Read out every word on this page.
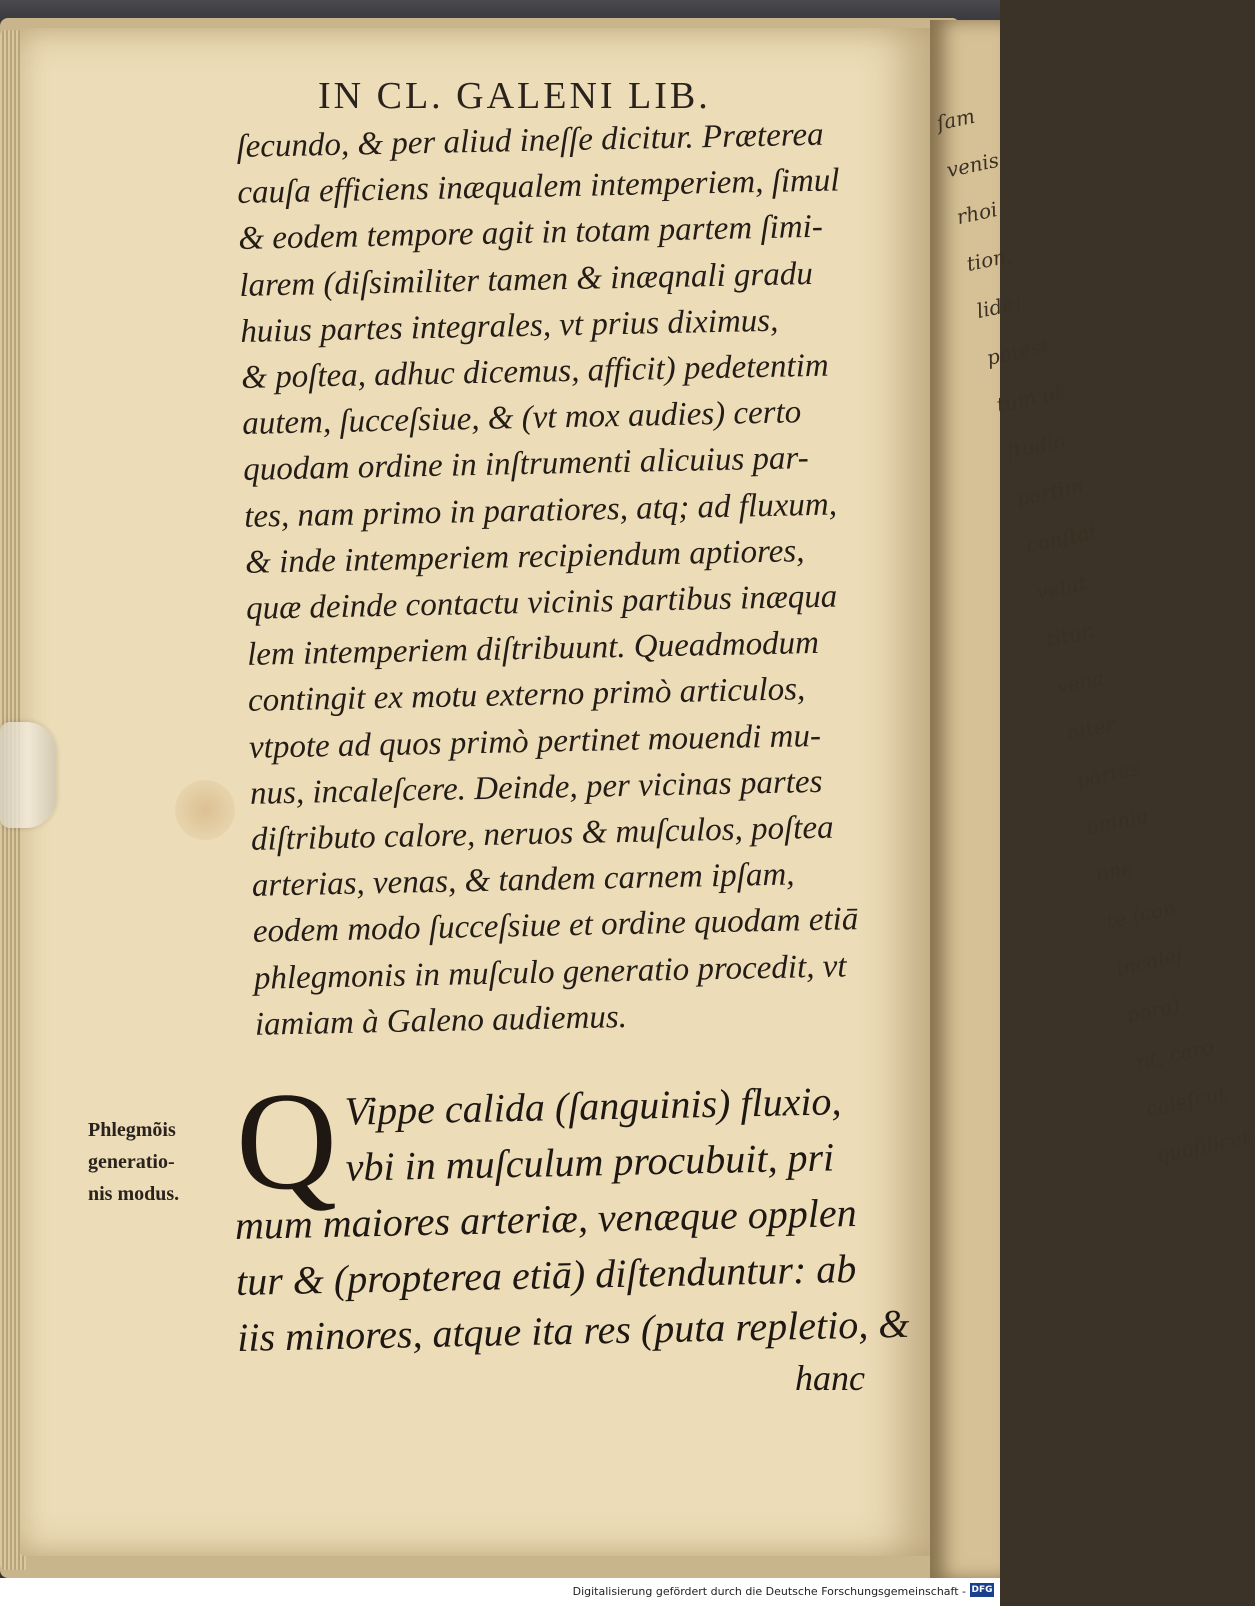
ſam
venis
rhoi
tion,
lide)
potest
tum ut
ſtudio
partim
conſtat
velut
titur.
vena
niter
partes
omnia
one
te (con
incaleſ
pora)
nt, caro
caleſcut
quaſilicet
IN CL. GALENI LIB.
ſecundo, & per aliud ineſſe dicitur. Præterea
cauſa efficiens inæqualem intemperiem, ſimul
& eodem tempore agit in totam partem ſimi-
larem (diſsimiliter tamen & inæqnali gradu
huius partes integrales, vt prius diximus,
& poſtea, adhuc dicemus, afficit) pedetentim
autem, ſucceſsiue, & (vt mox audies) certo
quodam ordine in inſtrumenti alicuius par-
tes, nam primo in paratiores, atq; ad fluxum,
& inde intemperiem recipiendum aptiores,
quæ deinde contactu vicinis partibus inæqua
lem intemperiem diſtribuunt. Queadmodum
contingit ex motu externo primò articulos,
vtpote ad quos primò pertinet mouendi mu-
nus, incaleſcere. Deinde, per vicinas partes
diſtributo calore, neruos & muſculos, poſtea
arterias, venas, & tandem carnem ipſam,
eodem modo ſucceſsiue et ordine quodam etiā
phlegmonis in muſculo generatio procedit, vt
iamiam à Galeno audiemus.
Phlegmõis
generatio-
nis modus. Q Vippe calida (ſanguinis) fluxio,
vbi in muſculum procubuit, pri
mum maiores arteriæ, venæque opplen
tur & (propterea etiā) diſtenduntur: ab
iis minores, atque ita res (puta repletio, &
hanc
Digitalisierung gefördert durch die Deutsche Forschungsgemeinschaft - DFG
